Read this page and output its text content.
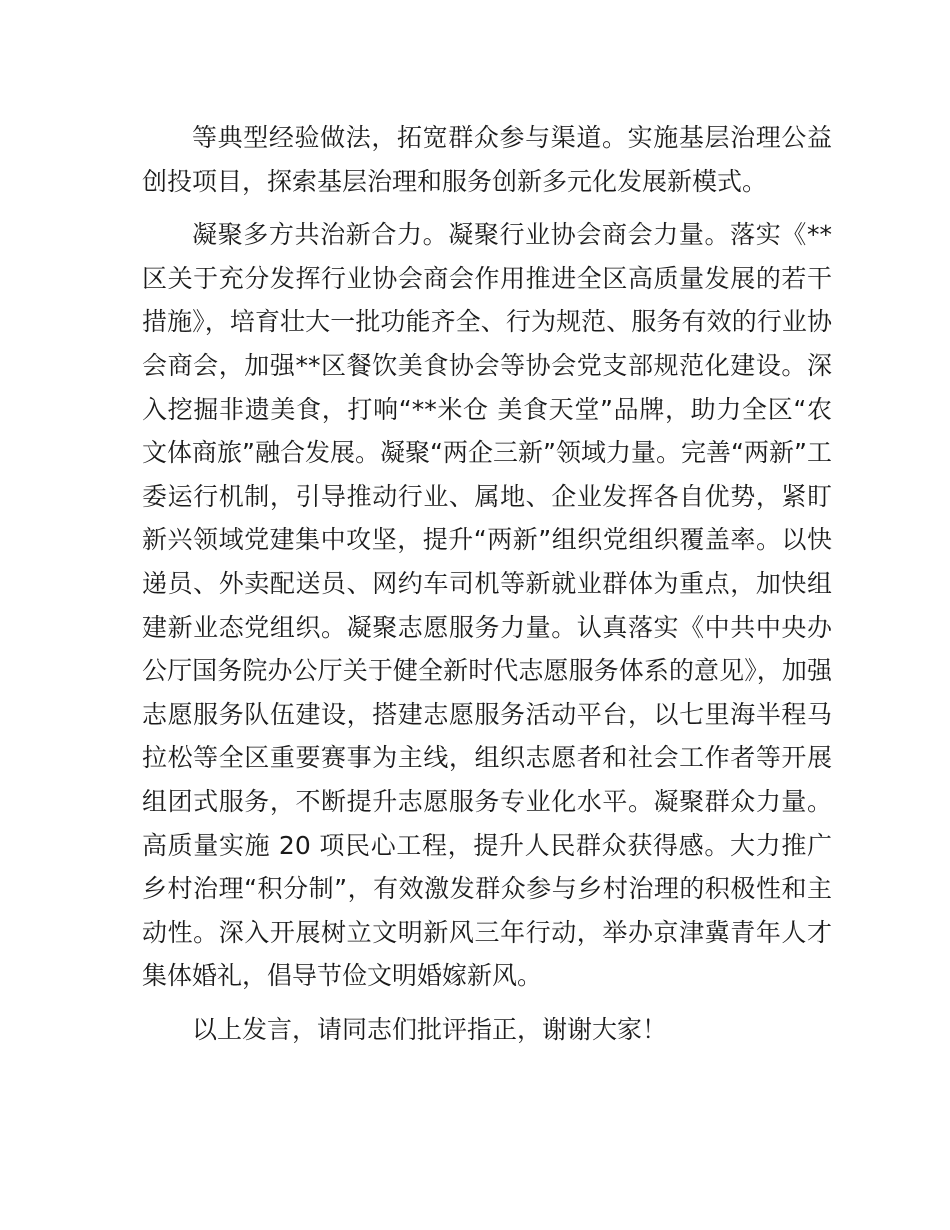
等典型经验做法，拓宽群众参与渠道。实施基层治理公益创投项目，探索基层治理和服务创新多元化发展新模式。

凝聚多方共治新合力。凝聚行业协会商会力量。落实《**区关于充分发挥行业协会商会作用推进全区高质量发展的若干措施》，培育壮大一批功能齐全、行为规范、服务有效的行业协会商会，加强**区餐饮美食协会等协会党支部规范化建设。深入挖掘非遗美食，打响“**米仓 美食天堂”品牌，助力全区“农文体商旅”融合发展。凝聚“两企三新”领域力量。完善“两新”工委运行机制，引导推动行业、属地、企业发挥各自优势，紧盯新兴领域党建集中攻坚，提升“两新”组织党组织覆盖率。以快递员、外卖配送员、网约车司机等新就业群体为重点，加快组建新业态党组织。凝聚志愿服务力量。认真落实《中共中央办公厅国务院办公厅关于健全新时代志愿服务体系的意见》，加强志愿服务队伍建设，搭建志愿服务活动平台，以七里海半程马拉松等全区重要赛事为主线，组织志愿者和社会工作者等开展组团式服务，不断提升志愿服务专业化水平。凝聚群众力量。高质量实施 20 项民心工程，提升人民群众获得感。大力推广乡村治理“积分制”，有效激发群众参与乡村治理的积极性和主动性。深入开展树立文明新风三年行动，举办京津冀青年人才集体婚礼，倡导节俭文明婚嫁新风。

以上发言，请同志们批评指正，谢谢大家！
